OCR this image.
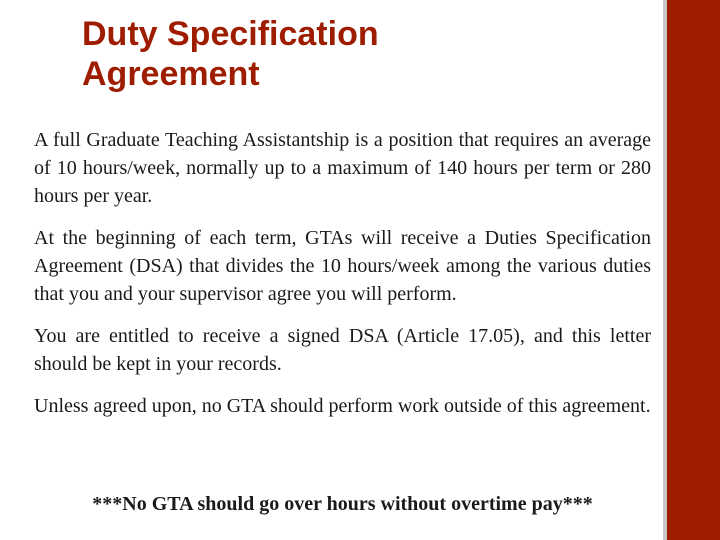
Duty Specification
Agreement

A full Graduate Teaching Assistantship is a position that requires an average of 10 hours/week, normally up to a maximum of 140 hours per term or 280 hours per year.

At the beginning of each term, GTAs will receive a Duties Specification Agreement (DSA) that divides the 10 hours/week among the various duties that you and your supervisor agree you will perform.

You are entitled to receive a signed DSA (Article 17.05), and this letter should be kept in your records.

Unless agreed upon, no GTA should perform work outside of this agreement.

***No GTA should go over hours without overtime pay***
